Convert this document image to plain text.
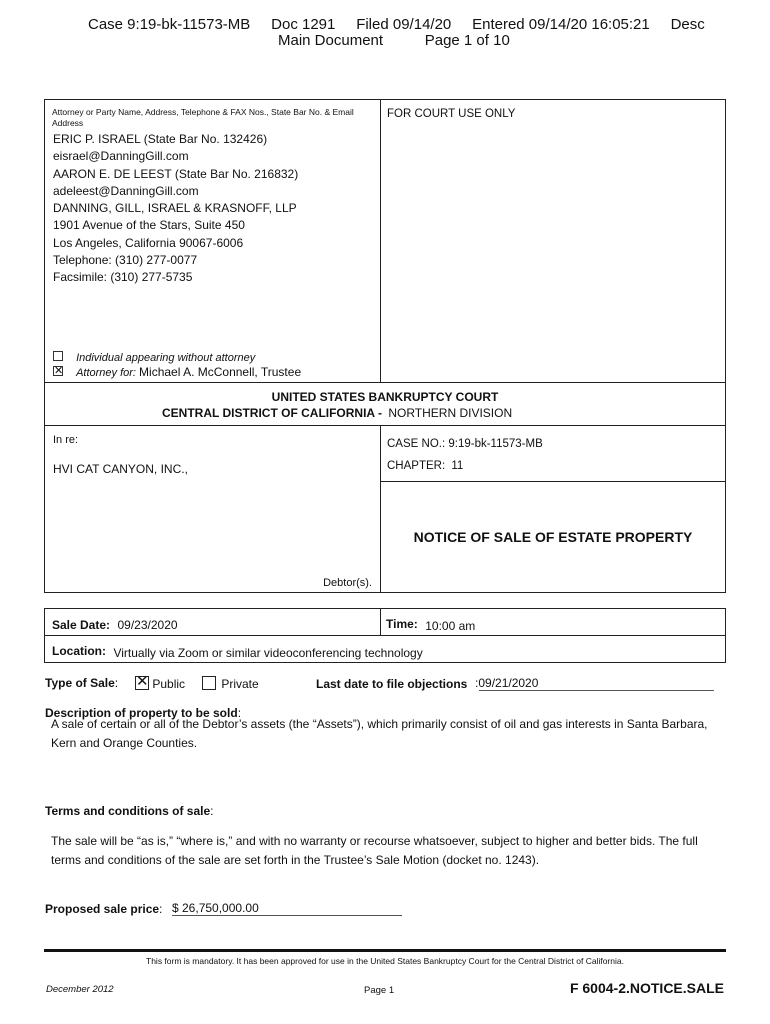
Case 9:19-bk-11573-MB     Doc 1291     Filed 09/14/20     Entered 09/14/20 16:05:21     Desc
Main Document          Page 1 of 10
Attorney or Party Name, Address, Telephone & FAX Nos., State Bar No. & Email Address
ERIC P. ISRAEL (State Bar No. 132426)
eisrael@DanningGill.com
AARON E. DE LEEST (State Bar No. 216832)
adeleest@DanningGill.com
DANNING, GILL, ISRAEL & KRASNOFF, LLP
1901 Avenue of the Stars, Suite 450
Los Angeles, California 90067-6006
Telephone: (310) 277-0077
Facsimile: (310) 277-5735
Individual appearing without attorney
✕ Attorney for: Michael A. McConnell, Trustee
FOR COURT USE ONLY
UNITED STATES BANKRUPTCY COURT
CENTRAL DISTRICT OF CALIFORNIA - NORTHERN DIVISION
In re:
HVI CAT CANYON, INC.,
Debtor(s).
CASE NO.: 9:19-bk-11573-MB
CHAPTER: 11
NOTICE OF SALE OF ESTATE PROPERTY
Sale Date: 09/23/2020	Time: 10:00 am
Location: Virtually via Zoom or similar videoconferencing technology
Type of Sale: ✕ Public	Private	Last date to file objections :09/21/2020
Description of property to be sold:
A sale of certain or all of the Debtor’s assets (the “Assets”), which primarily consist of oil and gas interests in Santa Barbara, Kern and Orange Counties.
Terms and conditions of sale:
The sale will be “as is,” “where is,” and with no warranty or recourse whatsoever, subject to higher and better bids. The full terms and conditions of the sale are set forth in the Trustee’s Sale Motion (docket no. 1243).
Proposed sale price: $ 26,750,000.00
This form is mandatory. It has been approved for use in the United States Bankruptcy Court for the Central District of California.
December 2012	Page 1	F 6004-2.NOTICE.SALE
